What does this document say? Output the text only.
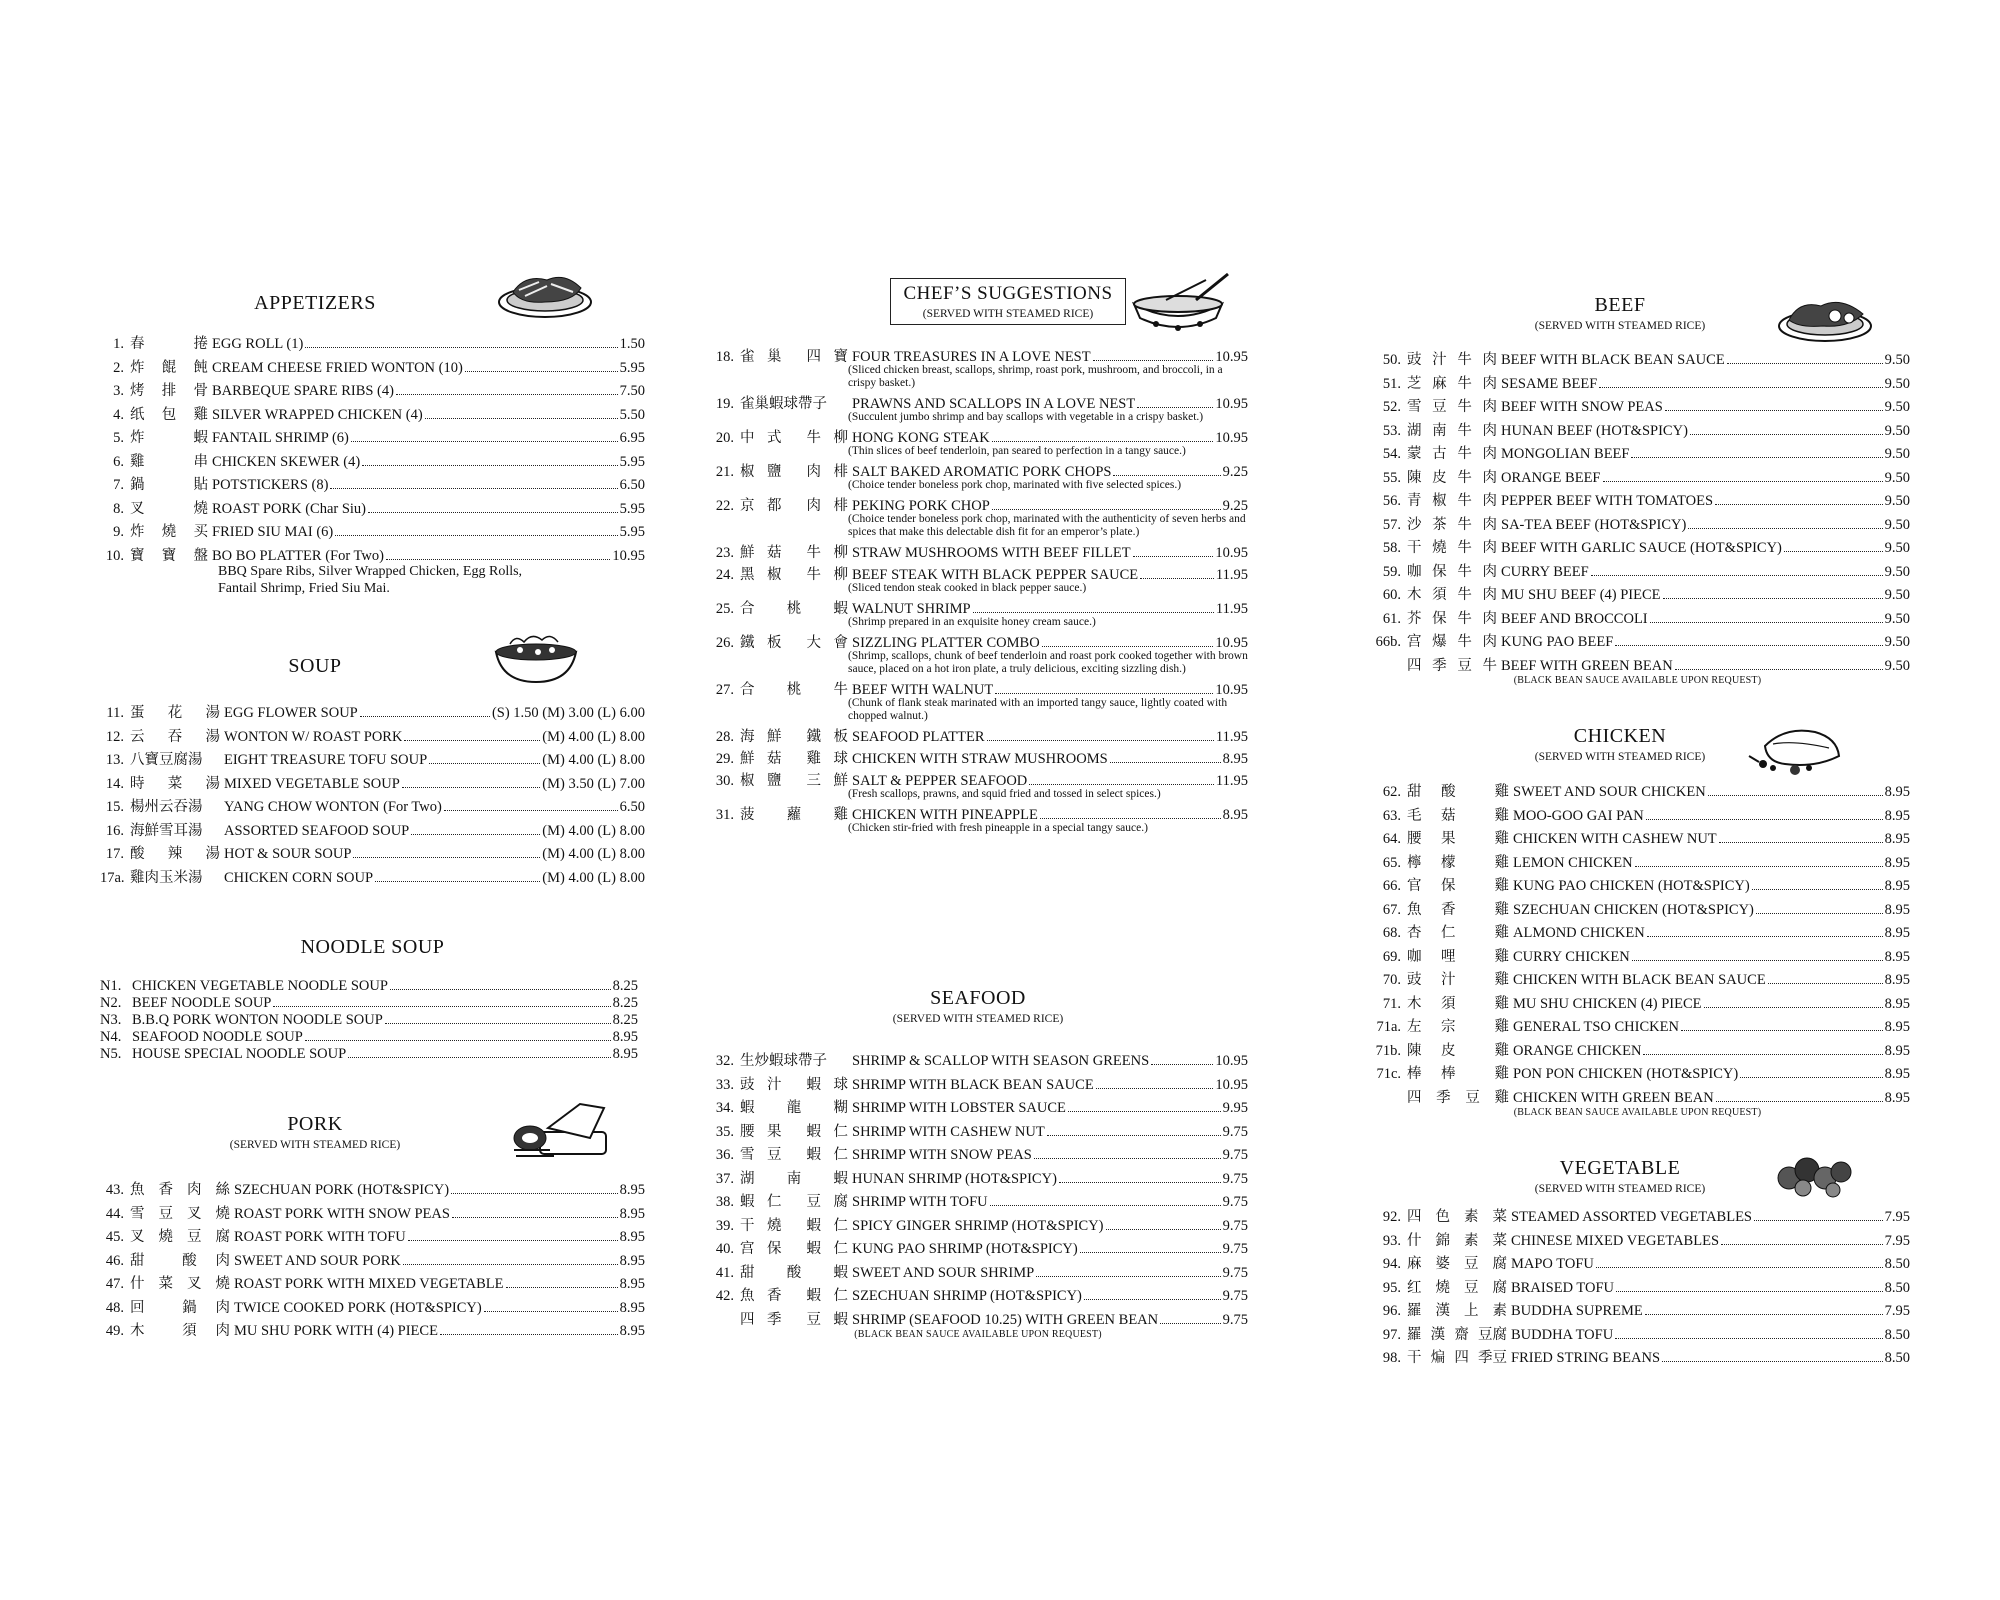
APPETIZERS
1. 春	捲 EGG ROLL (1)	1.50
2. 炸 餛 飩 CREAM CHEESE FRIED WONTON (10)	5.95
3. 烤 排 骨 BARBEQUE SPARE RIBS (4)	7.50
4. 纸 包 雞 SILVER WRAPPED CHICKEN (4)	5.50
5. 炸	蝦 FANTAIL SHRIMP (6)	6.95
6. 雞	串 CHICKEN SKEWER (4)	5.95
7. 鍋	貼 POTSTICKERS (8)	6.50
8. 叉	燒 ROAST PORK (Char Siu)	5.95
9. 炸 燒 买 FRIED SIU MAI (6)	5.95
10. 寶 寶 盤 BO BO PLATTER (For Two)	10.95
BBQ Spare Ribs, Silver Wrapped Chicken, Egg Rolls, Fantail Shrimp, Fried Siu Mai.
SOUP
11. 蛋 花 湯 EGG FLOWER SOUP	(S) 1.50 (M) 3.00 (L) 6.00
12. 云 吞 湯 WONTON W/ ROAST PORK	(M) 4.00 (L) 8.00
13. 八寶豆腐湯 EIGHT TREASURE TOFU SOUP	(M) 4.00 (L) 8.00
14. 時 菜 湯 MIXED VEGETABLE SOUP	(M) 3.50 (L) 7.00
15. 楊州云吞湯 YANG CHOW WONTON (For Two)	6.50
16. 海鮮雪耳湯 ASSORTED SEAFOOD SOUP	(M) 4.00 (L) 8.00
17. 酸 辣 湯 HOT & SOUR SOUP	(M) 4.00 (L) 8.00
17a. 雞肉玉米湯 CHICKEN CORN SOUP	(M) 4.00 (L) 8.00
NOODLE SOUP
N1. CHICKEN VEGETABLE NOODLE SOUP	8.25
N2. BEEF NOODLE SOUP	8.25
N3. B.B.Q PORK WONTON NOODLE SOUP	8.25
N4. SEAFOOD NOODLE SOUP	8.95
N5. HOUSE SPECIAL NOODLE SOUP	8.95
PORK
(SERVED WITH STEAMED RICE)
43. 魚 香 肉 絲 SZECHUAN PORK (HOT&SPICY)	8.95
44. 雪 豆 叉 燒 ROAST PORK WITH SNOW PEAS	8.95
45. 叉 燒 豆 腐 ROAST PORK WITH TOFU	8.95
46. 甜	酸 肉 SWEET AND SOUR PORK	8.95
47. 什 菜 叉 燒 ROAST PORK WITH MIXED VEGETABLE	8.95
48. 回	鍋 肉 TWICE COOKED PORK (HOT&SPICY)	8.95
49. 木	須 肉 MU SHU PORK WITH (4) PIECE	8.95
CHEF’S SUGGESTIONS
(SERVED WITH STEAMED RICE)
18. 雀 巢 四 寶 FOUR TREASURES IN A LOVE NEST	10.95
(Sliced chicken breast, scallops, shrimp, roast pork, mushroom, and broccoli, in a crispy basket.)
19. 雀巢蝦球帶子 PRAWNS AND SCALLOPS IN A LOVE NEST	10.95
(Succulent jumbo shrimp and bay scallops with vegetable in a crispy basket.)
20. 中 式 牛 柳 HONG KONG STEAK	10.95
(Thin slices of beef tenderloin, pan seared to perfection in a tangy sauce.)
21. 椒 鹽 肉 棑 SALT BAKED AROMATIC PORK CHOPS	9.25
(Choice tender boneless pork chop, marinated with five selected spices.)
22. 京 都 肉 棑 PEKING PORK CHOP	9.25
(Choice tender boneless pork chop, marinated with the authenticity of seven herbs and spices that make this delectable dish fit for an emperor’s plate.)
23. 鮮 菇 牛 柳 STRAW MUSHROOMS WITH BEEF FILLET	10.95
24. 黑 椒 牛 柳 BEEF STEAK WITH BLACK PEPPER SAUCE	11.95
(Sliced tendon steak cooked in black pepper sauce.)
25. 合 桃 蝦 WALNUT SHRIMP	11.95
(Shrimp prepared in an exquisite honey cream sauce.)
26. 鐵 板 大 會 SIZZLING PLATTER COMBO	10.95
(Shrimp, scallops, chunk of beef tenderloin and roast pork cooked together with brown sauce, placed on a hot iron plate, a truly delicious, exciting sizzling dish.)
27. 合 桃 牛 BEEF WITH WALNUT	10.95
(Chunk of flank steak marinated with an imported tangy sauce, lightly coated with chopped walnut.)
28. 海 鮮 鐵 板 SEAFOOD PLATTER	11.95
29. 鮮 菇 雞 球 CHICKEN WITH STRAW MUSHROOMS	8.95
30. 椒 鹽 三 鮮 SALT & PEPPER SEAFOOD	11.95
(Fresh scallops, prawns, and squid fried and tossed in select spices.)
31. 菠 蘿 雞 CHICKEN WITH PINEAPPLE	8.95
(Chicken stir-fried with fresh pineapple in a special tangy sauce.)
SEAFOOD
(SERVED WITH STEAMED RICE)
32. 生炒蝦球帶子 SHRIMP & SCALLOP WITH SEASON GREENS	10.95
33. 豉 汁 蝦 球 SHRIMP WITH BLACK BEAN SAUCE	10.95
34. 蝦 龍 糊 SHRIMP WITH LOBSTER SAUCE	9.95
35. 腰 果 蝦 仁 SHRIMP WITH CASHEW NUT	9.75
36. 雪 豆 蝦 仁 SHRIMP WITH SNOW PEAS	9.75
37. 湖 南 蝦 HUNAN SHRIMP (HOT&SPICY)	9.75
38. 蝦 仁 豆 腐 SHRIMP WITH TOFU	9.75
39. 干 燒 蝦 仁 SPICY GINGER SHRIMP (HOT&SPICY)	9.75
40. 宫 保 蝦 仁 KUNG PAO SHRIMP (HOT&SPICY)	9.75
41. 甜 酸 蝦 SWEET AND SOUR SHRIMP	9.75
42. 魚 香 蝦 仁 SZECHUAN SHRIMP (HOT&SPICY)	9.75
四 季 豆 蝦 SHRIMP (SEAFOOD 10.25) WITH GREEN BEAN	9.75
(BLACK BEAN SAUCE AVAILABLE UPON REQUEST)
BEEF
(SERVED WITH STEAMED RICE)
50. 豉 汁 牛 肉 BEEF WITH BLACK BEAN SAUCE	9.50
51. 芝 麻 牛 肉 SESAME BEEF	9.50
52. 雪 豆 牛 肉 BEEF WITH SNOW PEAS	9.50
53. 湖 南 牛 肉 HUNAN BEEF (HOT&SPICY)	9.50
54. 蒙 古 牛 肉 MONGOLIAN BEEF	9.50
55. 陳 皮 牛 肉 ORANGE BEEF	9.50
56. 青 椒 牛 肉 PEPPER BEEF WITH TOMATOES	9.50
57. 沙 茶 牛 肉 SA-TEA BEEF (HOT&SPICY)	9.50
58. 干 燒 牛 肉 BEEF WITH GARLIC SAUCE (HOT&SPICY)	9.50
59. 咖 保 牛 肉 CURRY BEEF	9.50
60. 木 須 牛 肉 MU SHU BEEF (4) PIECE	9.50
61. 芥 保 牛 肉 BEEF AND BROCCOLI	9.50
66b. 宫 爆 牛 肉 KUNG PAO BEEF	9.50
四 季 豆 牛 BEEF WITH GREEN BEAN	9.50
(BLACK BEAN SAUCE AVAILABLE UPON REQUEST)
CHICKEN
(SERVED WITH STEAMED RICE)
62. 甜 酸	雞 SWEET AND SOUR CHICKEN	8.95
63. 毛 菇	雞 MOO-GOO GAI PAN	8.95
64. 腰 果	雞 CHICKEN WITH CASHEW NUT	8.95
65. 檸 檬	雞 LEMON CHICKEN	8.95
66. 官 保	雞 KUNG PAO CHICKEN (HOT&SPICY)	8.95
67. 魚 香	雞 SZECHUAN CHICKEN (HOT&SPICY)	8.95
68. 杏 仁	雞 ALMOND CHICKEN	8.95
69. 咖 哩	雞 CURRY CHICKEN	8.95
70. 豉 汁	雞 CHICKEN WITH BLACK BEAN SAUCE	8.95
71. 木 須	雞 MU SHU CHICKEN (4) PIECE	8.95
71a. 左 宗	雞 GENERAL TSO CHICKEN	8.95
71b. 陳 皮	雞 ORANGE CHICKEN	8.95
71c. 棒 棒	雞 PON PON CHICKEN (HOT&SPICY)	8.95
四 季 豆 雞 CHICKEN WITH GREEN BEAN	8.95
(BLACK BEAN SAUCE AVAILABLE UPON REQUEST)
VEGETABLE
(SERVED WITH STEAMED RICE)
92. 四 色 素 菜 STEAMED ASSORTED VEGETABLES	7.95
93. 什 錦 素 菜 CHINESE MIXED VEGETABLES	7.95
94. 麻 婆 豆 腐 MAPO TOFU	8.50
95. 红 燒 豆 腐 BRAISED TOFU	8.50
96. 羅 漢 上 素 BUDDHA SUPREME	7.95
97. 羅 漢 齋 豆腐 BUDDHA TOFU	8.50
98. 干 煸 四 季豆 FRIED STRING BEANS	8.50
